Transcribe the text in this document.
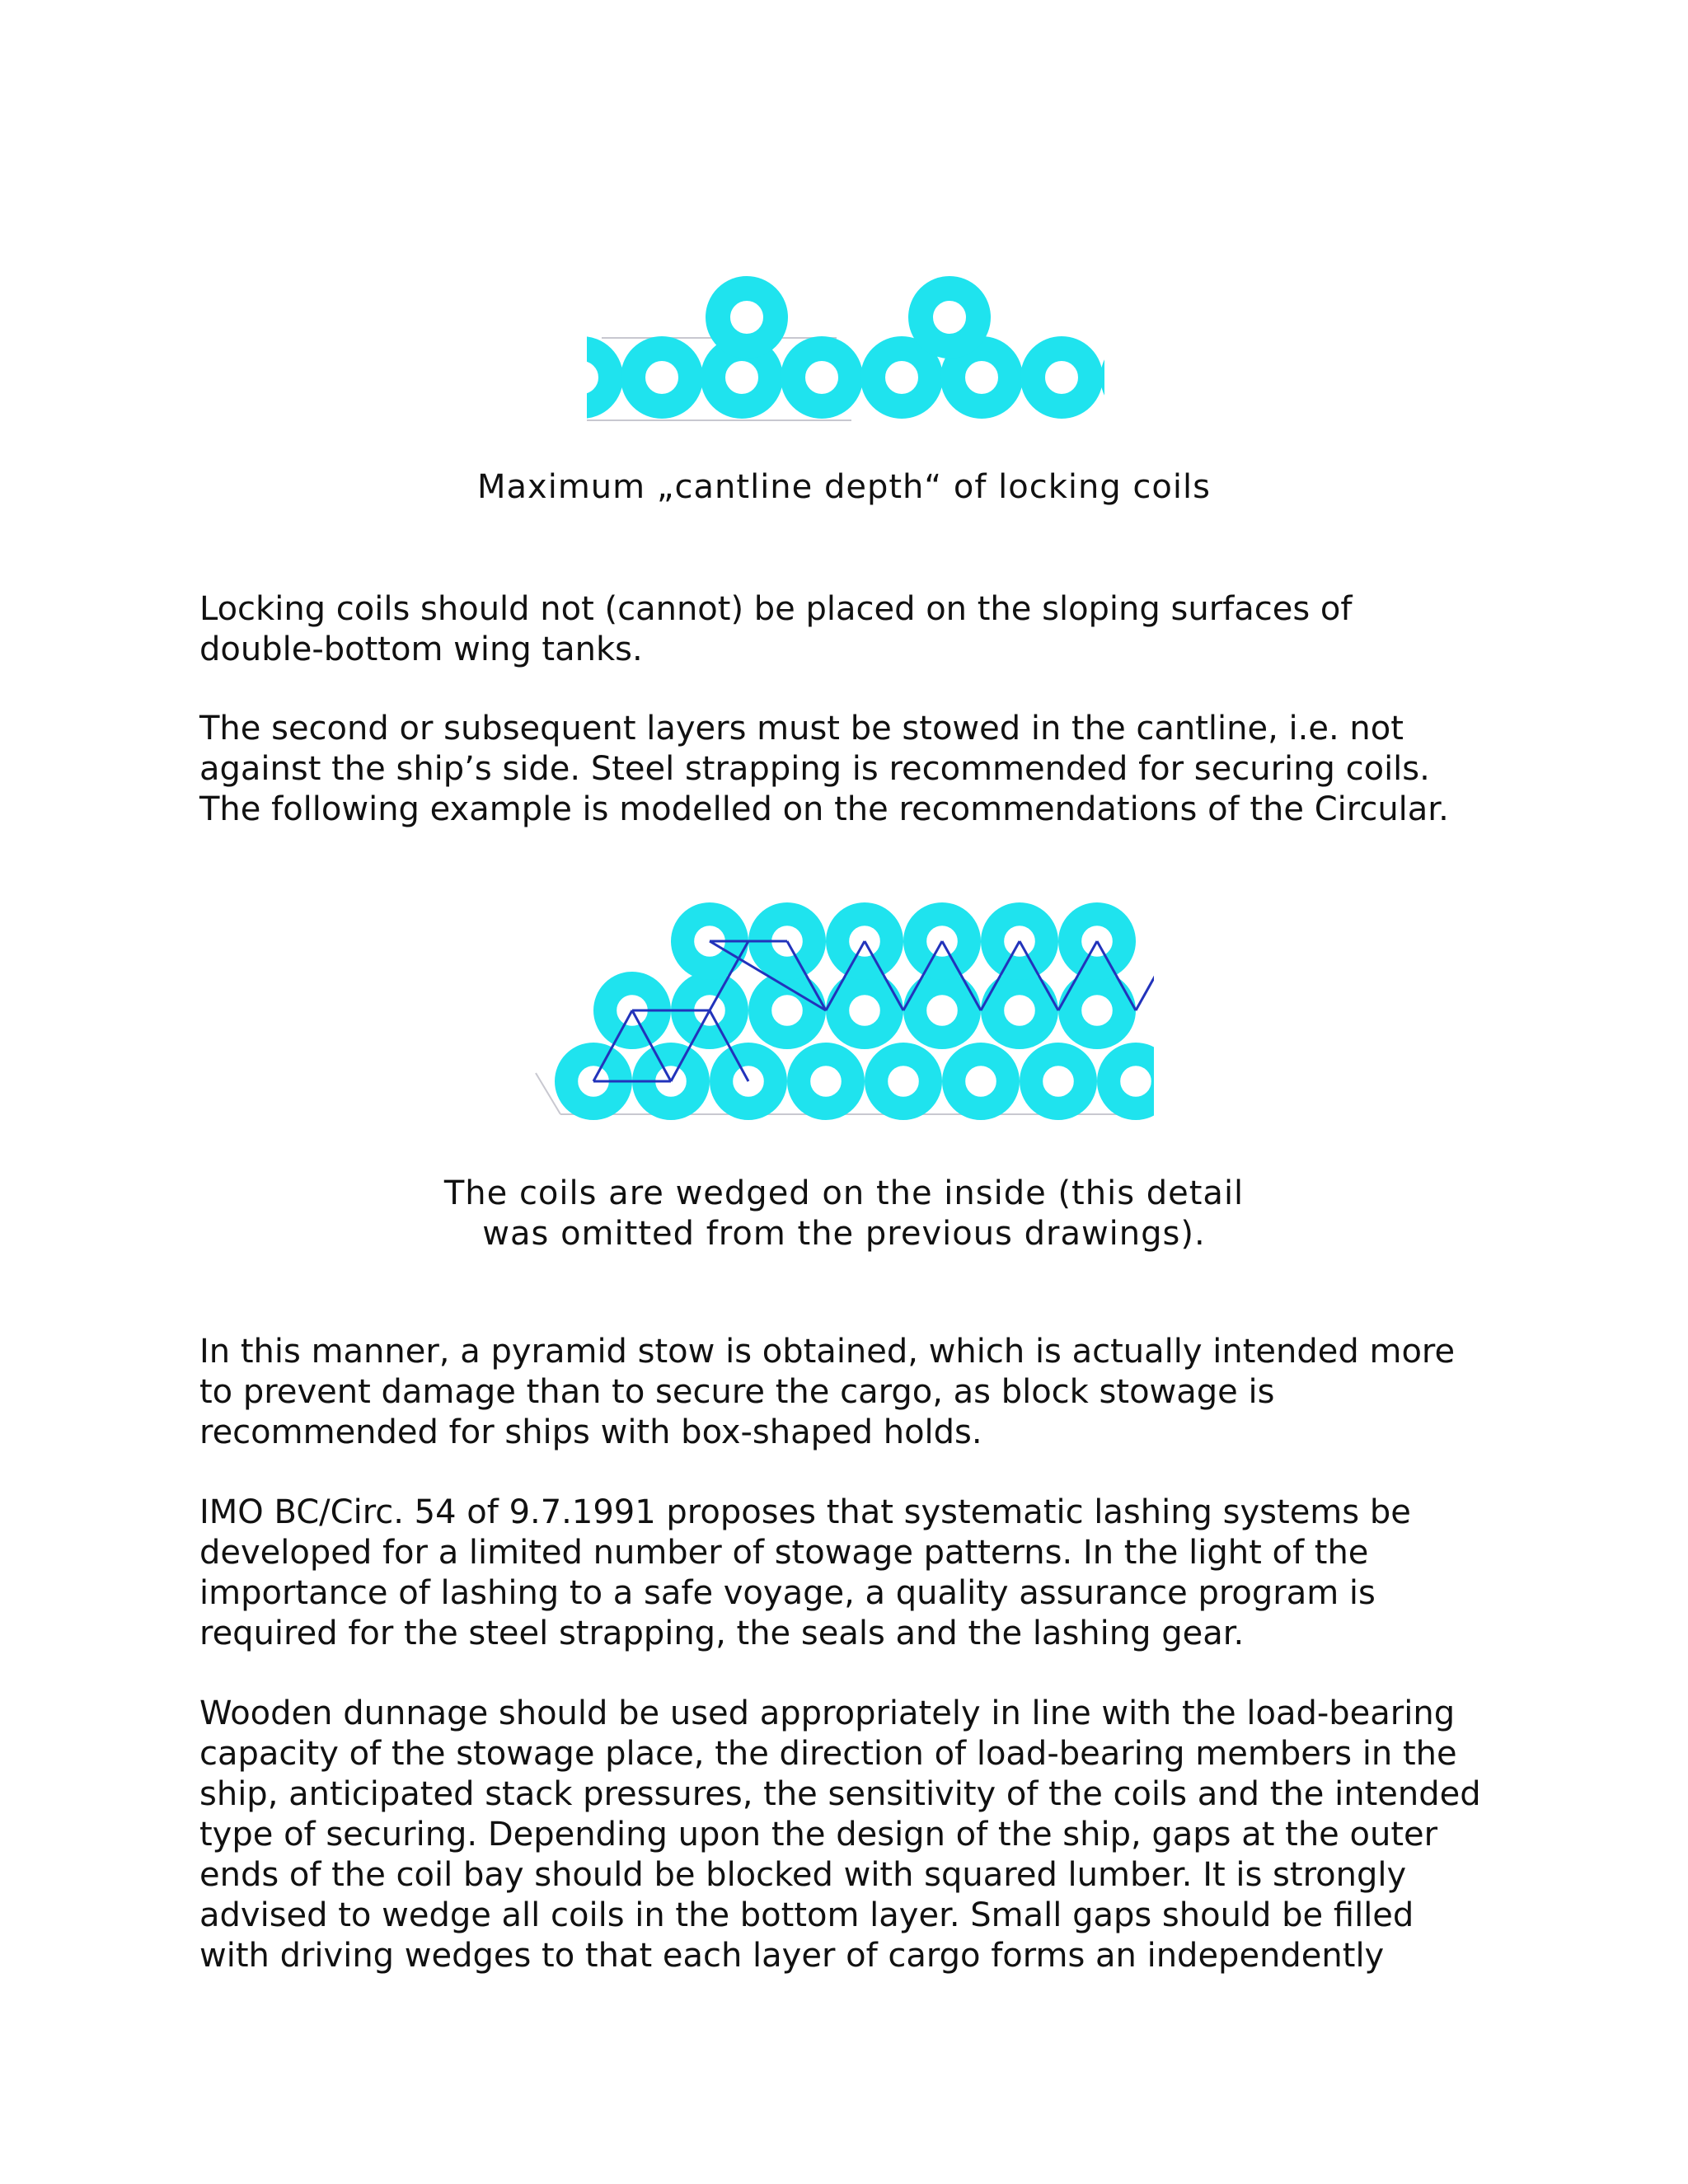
Maximum „cantline depth“ of locking coils
Locking coils should not (cannot) be placed on the sloping surfaces of
double-bottom wing tanks.
The second or subsequent layers must be stowed in the cantline, i.e. not
against the ship’s side. Steel strapping is recommended for securing coils.
The following example is modelled on the recommendations of the Circular.
The coils are wedged on the inside (this detail
was omitted from the previous drawings).
In this manner, a pyramid stow is obtained, which is actually intended more
to prevent damage than to secure the cargo, as block stowage is
recommended for ships with box-shaped holds.
IMO BC/Circ. 54 of 9.7.1991 proposes that systematic lashing systems be
developed for a limited number of stowage patterns. In the light of the
importance of lashing to a safe voyage, a quality assurance program is
required for the steel strapping, the seals and the lashing gear.
Wooden dunnage should be used appropriately in line with the load-bearing
capacity of the stowage place, the direction of load-bearing members in the
ship, anticipated stack pressures, the sensitivity of the coils and the intended
type of securing. Depending upon the design of the ship, gaps at the outer
ends of the coil bay should be blocked with squared lumber. It is strongly
advised to wedge all coils in the bottom layer. Small gaps should be filled
with driving wedges to that each layer of cargo forms an independently
